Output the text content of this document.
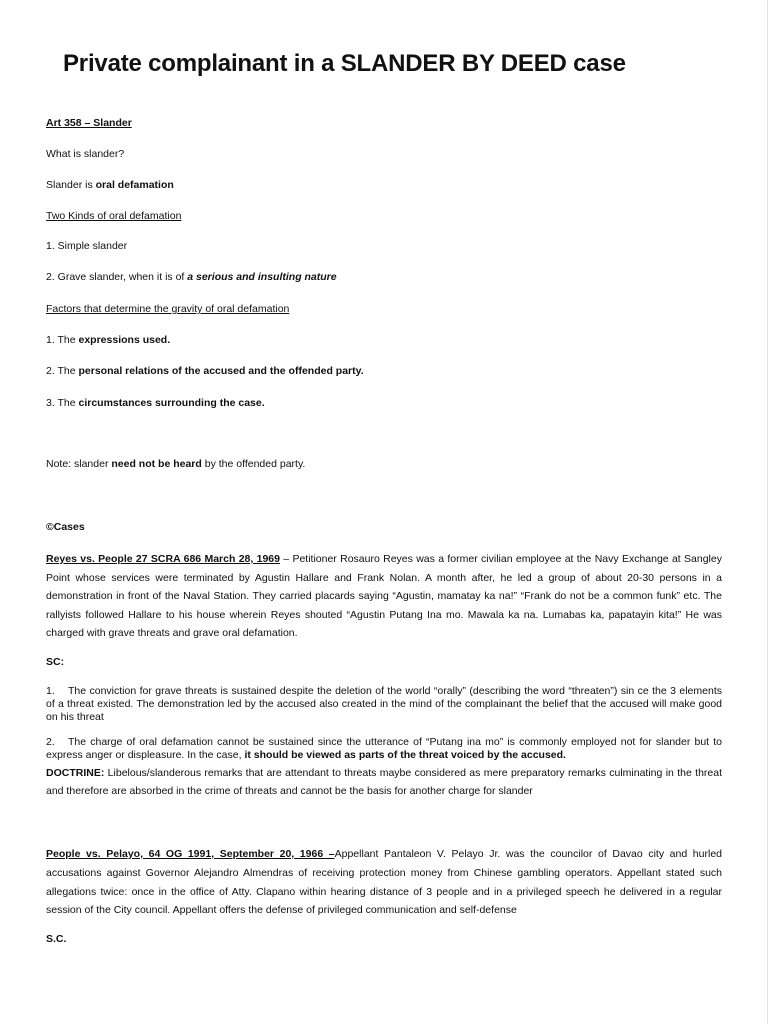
Private complainant in a SLANDER BY DEED case

Art 358 – Slander

What is slander?

Slander is oral defamation

Two Kinds of oral defamation

1. Simple slander

2. Grave slander, when it is of a serious and insulting nature

Factors that determine the gravity of oral defamation

1. The expressions used.

2. The personal relations of the accused and the offended party.

3. The circumstances surrounding the case.

Note: slander need not be heard by the offended party.

©Cases

Reyes vs. People 27 SCRA 686 March 28, 1969 – Petitioner Rosauro Reyes was a former civilian employee at the Navy Exchange at Sangley Point whose services were terminated by Agustin Hallare and Frank Nolan. A month after, he led a group of about 20-30 persons in a demonstration in front of the Naval Station. They carried placards saying “Agustin, mamatay ka na!” “Frank do not be a common funk” etc. The rallyists followed Hallare to his house wherein Reyes shouted “Agustin Putang Ina mo. Mawala ka na. Lumabas ka, papatayin kita!” He was charged with grave threats and grave oral defamation.

SC:

1. The conviction for grave threats is sustained despite the deletion of the world “orally” (describing the word “threaten”) sin ce the 3 elements of a threat existed. The demonstration led by the accused also created in the mind of the complainant the belief that the accused will make good on his threat

2. The charge of oral defamation cannot be sustained since the utterance of “Putang ina mo” is commonly employed not for slander but to express anger or displeasure. In the case, it should be viewed as parts of the threat voiced by the accused.

DOCTRINE: Libelous/slanderous remarks that are attendant to threats maybe considered as mere preparatory remarks culminating in the threat and therefore are absorbed in the crime of threats and cannot be the basis for another charge for slander

People vs. Pelayo, 64 OG 1991, September 20, 1966 –Appellant Pantaleon V. Pelayo Jr. was the councilor of Davao city and hurled accusations against Governor Alejandro Almendras of receiving protection money from Chinese gambling operators. Appellant stated such allegations twice: once in the office of Atty. Clapano within hearing distance of 3 people and in a privileged speech he delivered in a regular session of the City council. Appellant offers the defense of privileged communication and self-defense

S.C.
